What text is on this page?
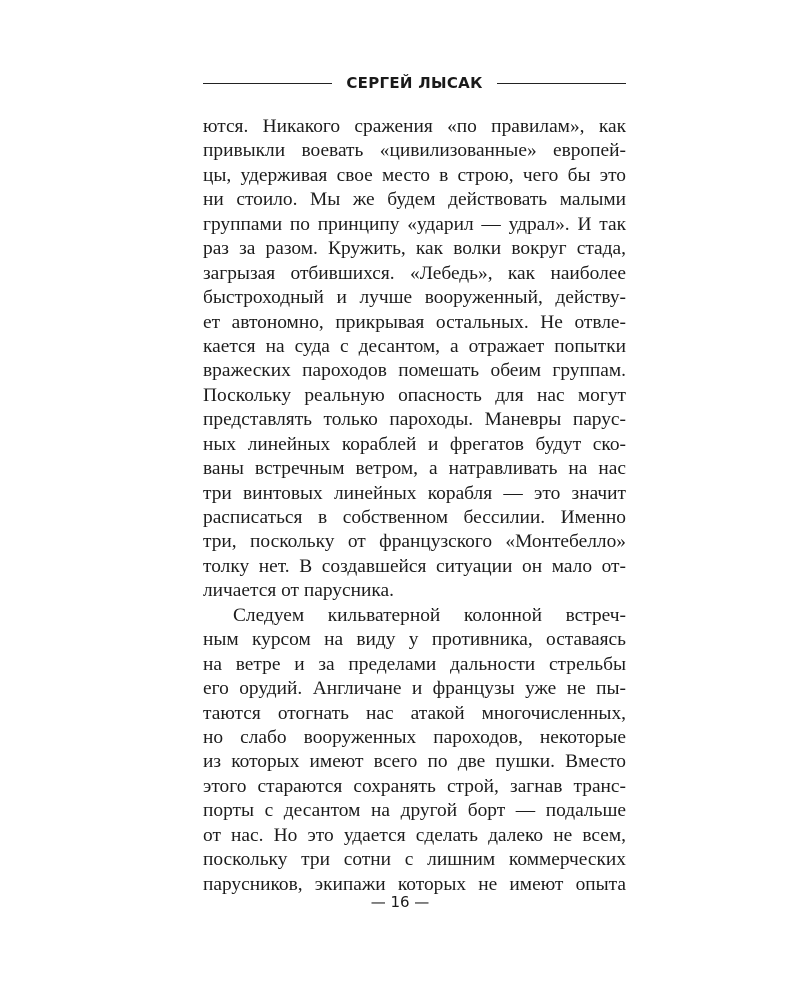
СЕРГЕЙ ЛЫСАК
ются. Никакого сражения «по правилам», как
привыкли воевать «цивилизованные» европей-
цы, удерживая свое место в строю, чего бы это
ни стоило. Мы же будем действовать малыми
группами по принципу «ударил — удрал». И так
раз за разом. Кружить, как волки вокруг стада,
загрызая отбившихся. «Лебедь», как наиболее
быстроходный и лучше вооруженный, действу-
ет автономно, прикрывая остальных. Не отвле-
кается на суда с десантом, а отражает попытки
вражеских пароходов помешать обеим группам.
Поскольку реальную опасность для нас могут
представлять только пароходы. Маневры парус-
ных линейных кораблей и фрегатов будут ско-
ваны встречным ветром, а натравливать на нас
три винтовых линейных корабля — это значит
расписаться в собственном бессилии. Именно
три, поскольку от французского «Монтебелло»
толку нет. В создавшейся ситуации он мало от-
личается от парусника.
Следуем кильватерной колонной встреч-
ным курсом на виду у противника, оставаясь
на ветре и за пределами дальности стрельбы
его орудий. Англичане и французы уже не пы-
таются отогнать нас атакой многочисленных,
но слабо вооруженных пароходов, некоторые
из которых имеют всего по две пушки. Вместо
этого стараются сохранять строй, загнав транс-
порты с десантом на другой борт — подальше
от нас. Но это удается сделать далеко не всем,
поскольку три сотни с лишним коммерческих
парусников, экипажи которых не имеют опыта
— 16 —
